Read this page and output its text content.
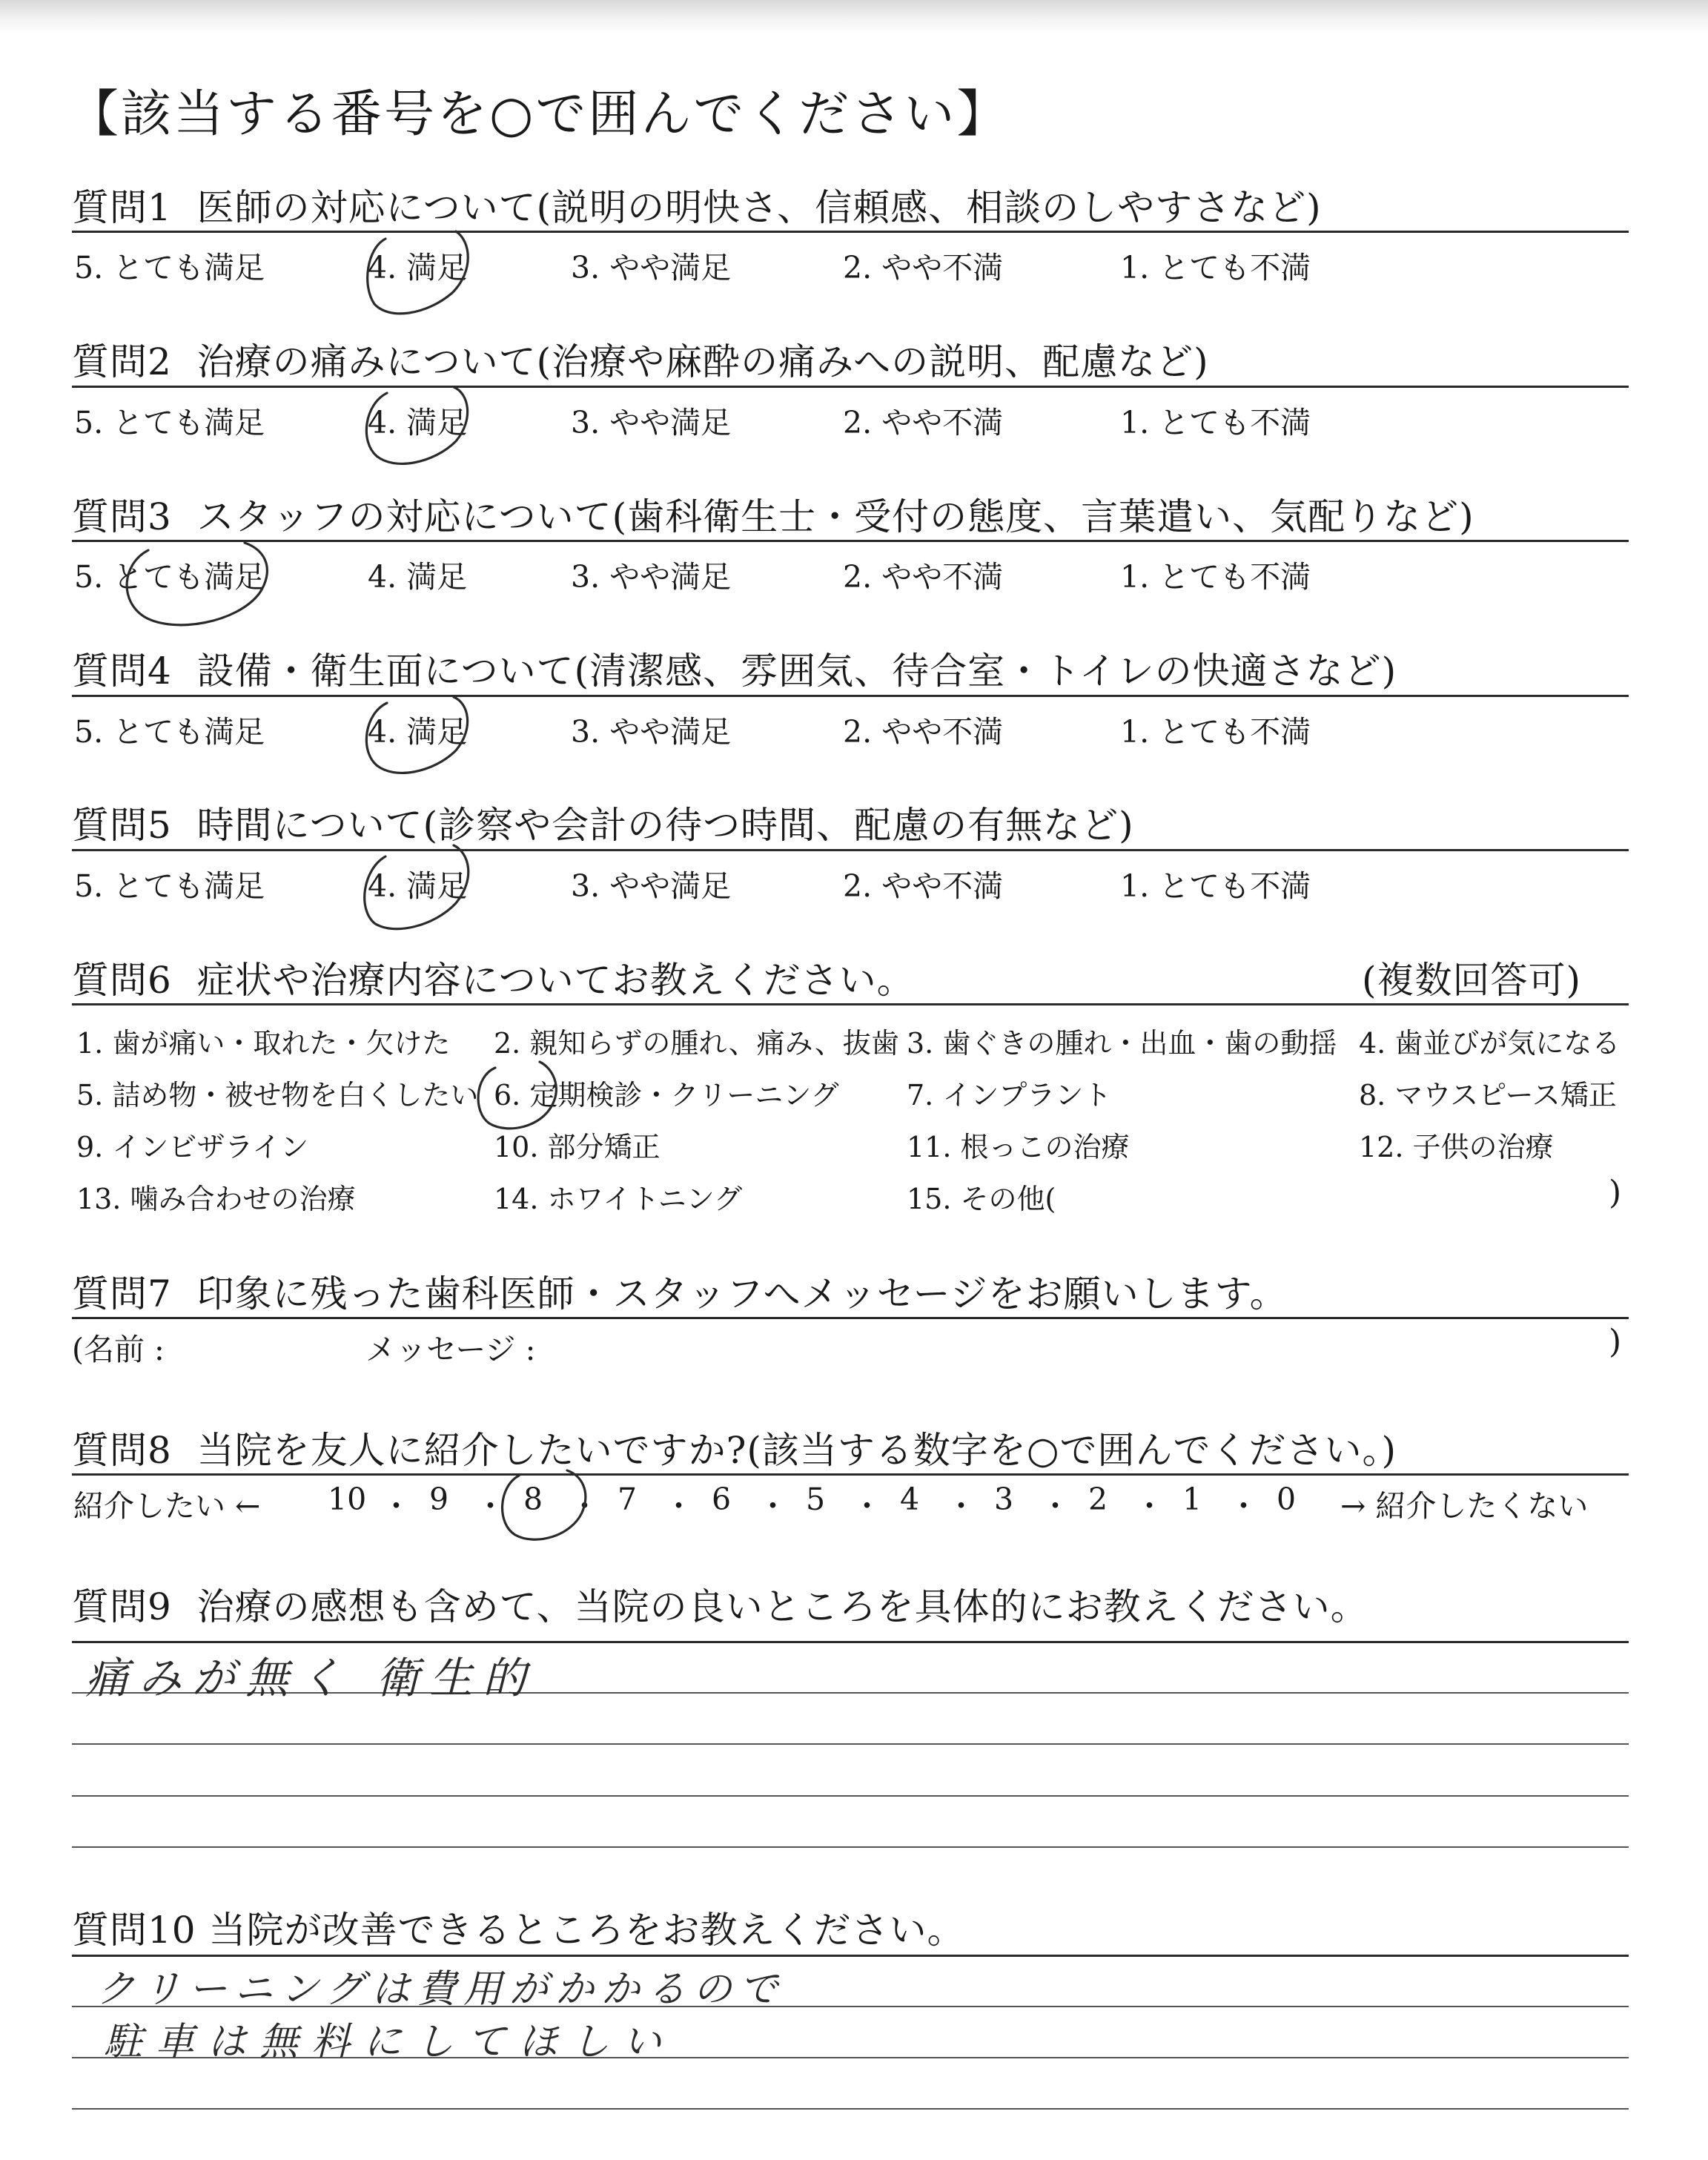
【該当する番号を○で囲んでください】
質問1 医師の対応について(説明の明快さ、信頼感、相談のしやすさなど)
5. とても満足	4. 満足	3. やや満足	2. やや不満	1. とても不満
質問2 治療の痛みについて(治療や麻酔の痛みへの説明、配慮など)
5. とても満足	4. 満足	3. やや満足	2. やや不満	1. とても不満
質問3 スタッフの対応について(歯科衛生士・受付の態度、言葉遣い、気配りなど)
5. とても満足	4. 満足	3. やや満足	2. やや不満	1. とても不満
質問4 設備・衛生面について(清潔感、雰囲気、待合室・トイレの快適さなど)
5. とても満足	4. 満足	3. やや満足	2. やや不満	1. とても不満
質問5 時間について(診察や会計の待つ時間、配慮の有無など)
5. とても満足	4. 満足	3. やや満足	2. やや不満	1. とても不満
質問6 症状や治療内容についてお教えください。	(複数回答可)
1. 歯が痛い・取れた・欠けた 2. 親知らずの腫れ、痛み、抜歯 3. 歯ぐきの腫れ・出血・歯の動揺 4. 歯並びが気になる
5. 詰め物・被せ物を白くしたい 6. 定期検診・クリーニング 7. インプラント	8. マウスピース矯正
9. インビザライン	10. 部分矯正	11. 根っこの治療	12. 子供の治療
13. 噛み合わせの治療	14. ホワイトニング	15. その他(	)
質問7 印象に残った歯科医師・スタッフへメッセージをお願いします。
(名前 :	メッセージ :	)
質問8 当院を友人に紹介したいですか?(該当する数字を○で囲んでください。)
紹介したい ←	→ 紹介したくない
10 ・ 9 ・ 8 ・ 7 ・ 6 ・ 5 ・ 4 ・ 3 ・ 2 ・ 1 ・ 0
質問9 治療の感想も含めて、当院の良いところを具体的にお教えください。
痛みが無く 衛生的
質問10 当院が改善できるところをお教えください。
クリーニングは費用がかかるので
駐車は無料にしてほしい
